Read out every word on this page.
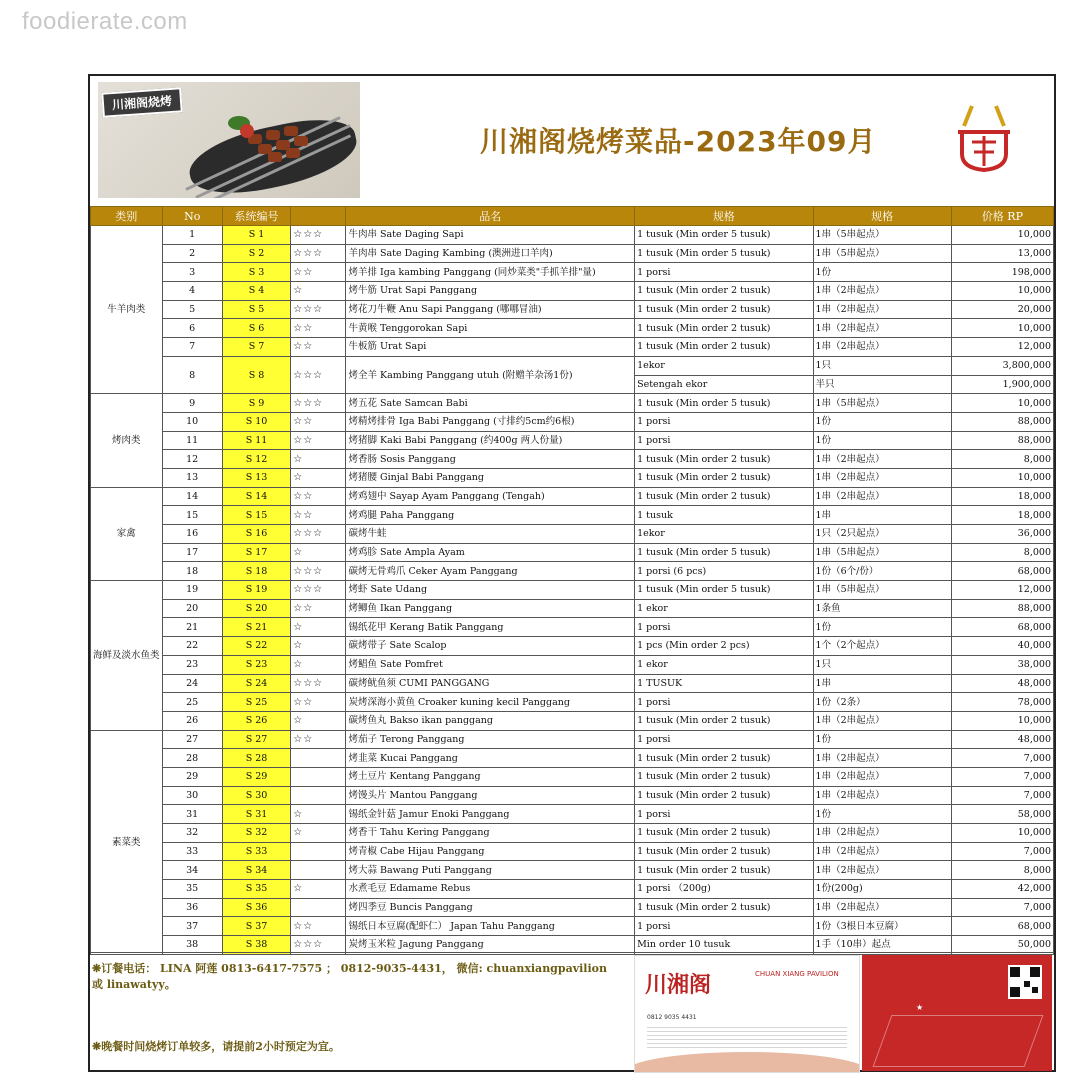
foodierate.com
川湘阁烧烤
川湘阁烧烤菜品-2023年09月
类别	No	系统编号		品名	规格	规格	价格 RP
牛羊肉类	1	S 1	☆☆☆	牛肉串 Sate Daging Sapi	1 tusuk (Min order 5 tusuk)	1串（5串起点）	10,000
	2	S 2	☆☆☆	羊肉串 Sate Daging Kambing (澳洲进口羊肉)	1 tusuk (Min order 5 tusuk)	1串（5串起点）	13,000
	3	S 3	☆☆	烤羊排 Iga kambing Panggang (同炒菜类"手抓羊排"量)	1 porsi	1份	198,000
	4	S 4	☆	烤牛筋 Urat Sapi Panggang	1 tusuk (Min order 2 tusuk)	1串（2串起点）	10,000
	5	S 5	☆☆☆	烤花刀牛鞭 Anu Sapi Panggang (哪哪冒油)	1 tusuk (Min order 2 tusuk)	1串（2串起点）	20,000
	6	S 6	☆☆	牛黄喉 Tenggorokan Sapi	1 tusuk (Min order 2 tusuk)	1串（2串起点）	10,000
	7	S 7	☆☆	牛板筋 Urat Sapi	1 tusuk (Min order 2 tusuk)	1串（2串起点）	12,000
	8	S 8	☆☆☆	烤全羊 Kambing Panggang utuh (附赠羊杂汤1份)	1ekor	1只	3,800,000
					Setengah ekor	半只	1,900,000
烤肉类	9	S 9	☆☆☆	烤五花 Sate Samcan Babi	1 tusuk (Min order 5 tusuk)	1串（5串起点）	10,000
	10	S 10	☆☆	烤精烤排骨 Iga Babi Panggang (寸排约5cm约6根)	1 porsi	1份	88,000
	11	S 11	☆☆	烤猪脚 Kaki Babi Panggang (约400g 两人份量)	1 porsi	1份	88,000
	12	S 12	☆	烤香肠 Sosis Panggang	1 tusuk (Min order 2 tusuk)	1串（2串起点）	8,000
	13	S 13	☆	烤猪腰 Ginjal Babi Panggang	1 tusuk (Min order 2 tusuk)	1串（2串起点）	10,000
家禽	14	S 14	☆☆	烤鸡翅中 Sayap Ayam Panggang (Tengah)	1 tusuk (Min order 2 tusuk)	1串（2串起点）	18,000
	15	S 15	☆☆	烤鸡腿 Paha Panggang	1 tusuk	1串	18,000
	16	S 16	☆☆☆	碳烤牛蛙	1ekor	1只（2只起点）	36,000
	17	S 17	☆	烤鸡胗 Sate Ampla Ayam	1 tusuk (Min order 5 tusuk)	1串（5串起点）	8,000
	18	S 18	☆☆☆	碳烤无骨鸡爪 Ceker Ayam Panggang	1 porsi (6 pcs)	1份（6个/份）	68,000
海鲜及淡水鱼类	19	S 19	☆☆☆	烤虾 Sate Udang	1 tusuk (Min order 5 tusuk)	1串（5串起点）	12,000
	20	S 20	☆☆	烤鲫鱼 Ikan Panggang	1 ekor	1条鱼	88,000
	21	S 21	☆	锡纸花甲 Kerang Batik Panggang	1 porsi	1份	68,000
	22	S 22	☆	碳烤带子 Sate Scalop	1 pcs (Min order 2 pcs)	1个（2个起点）	40,000
	23	S 23	☆	烤鲳鱼 Sate Pomfret	1 ekor	1只	38,000
	24	S 24	☆☆☆	碳烤鱿鱼须 CUMI PANGGANG	1 TUSUK	1串	48,000
	25	S 25	☆☆	炭烤深海小黄鱼 Croaker kuning kecil Panggang	1 porsi	1份（2条）	78,000
	26	S 26	☆	碳烤鱼丸 Bakso ikan panggang	1 tusuk (Min order 2 tusuk)	1串（2串起点）	10,000
素菜类	27	S 27	☆☆	烤茄子 Terong Panggang	1 porsi	1份	48,000
	28	S 28		烤韭菜 Kucai Panggang	1 tusuk (Min order 2 tusuk)	1串（2串起点）	7,000
	29	S 29		烤土豆片 Kentang Panggang	1 tusuk (Min order 2 tusuk)	1串（2串起点）	7,000
	30	S 30		烤馒头片 Mantou Panggang	1 tusuk (Min order 2 tusuk)	1串（2串起点）	7,000
	31	S 31	☆	锡纸金针菇 Jamur Enoki Panggang	1 porsi	1份	58,000
	32	S 32	☆	烤香干 Tahu Kering Panggang	1 tusuk (Min order 2 tusuk)	1串（2串起点）	10,000
	33	S 33		烤青椒 Cabe Hijau Panggang	1 tusuk (Min order 2 tusuk)	1串（2串起点）	7,000
	34	S 34		烤大蒜 Bawang Puti Panggang	1 tusuk (Min order 2 tusuk)	1串（2串起点）	8,000
	35	S 35	☆	水煮毛豆 Edamame Rebus	1 porsi （200g)	1份(200g)	42,000
	36	S 36		烤四季豆 Buncis Panggang	1 tusuk (Min order 2 tusuk)	1串（2串起点）	7,000
	37	S 37	☆☆	锡纸日本豆腐(配虾仁） Japan Tahu Panggang	1 porsi	1份（3根日本豆腐）	68,000
	38	S 38	☆☆☆	炭烤玉米粒 Jagung Panggang	Min order 10 tusuk	1手（10串）起点	50,000
❋订餐电话： LINA 阿莲 0813-6417-7575 ； 0812-9035-4431， 微信: chuanxiangpavilion 或 linawatyy。
❋晚餐时间烧烤订单较多，请提前2小时预定为宜。
川湘阁	CHUAN XIANG PAVILION
0812 9035 4431
★
